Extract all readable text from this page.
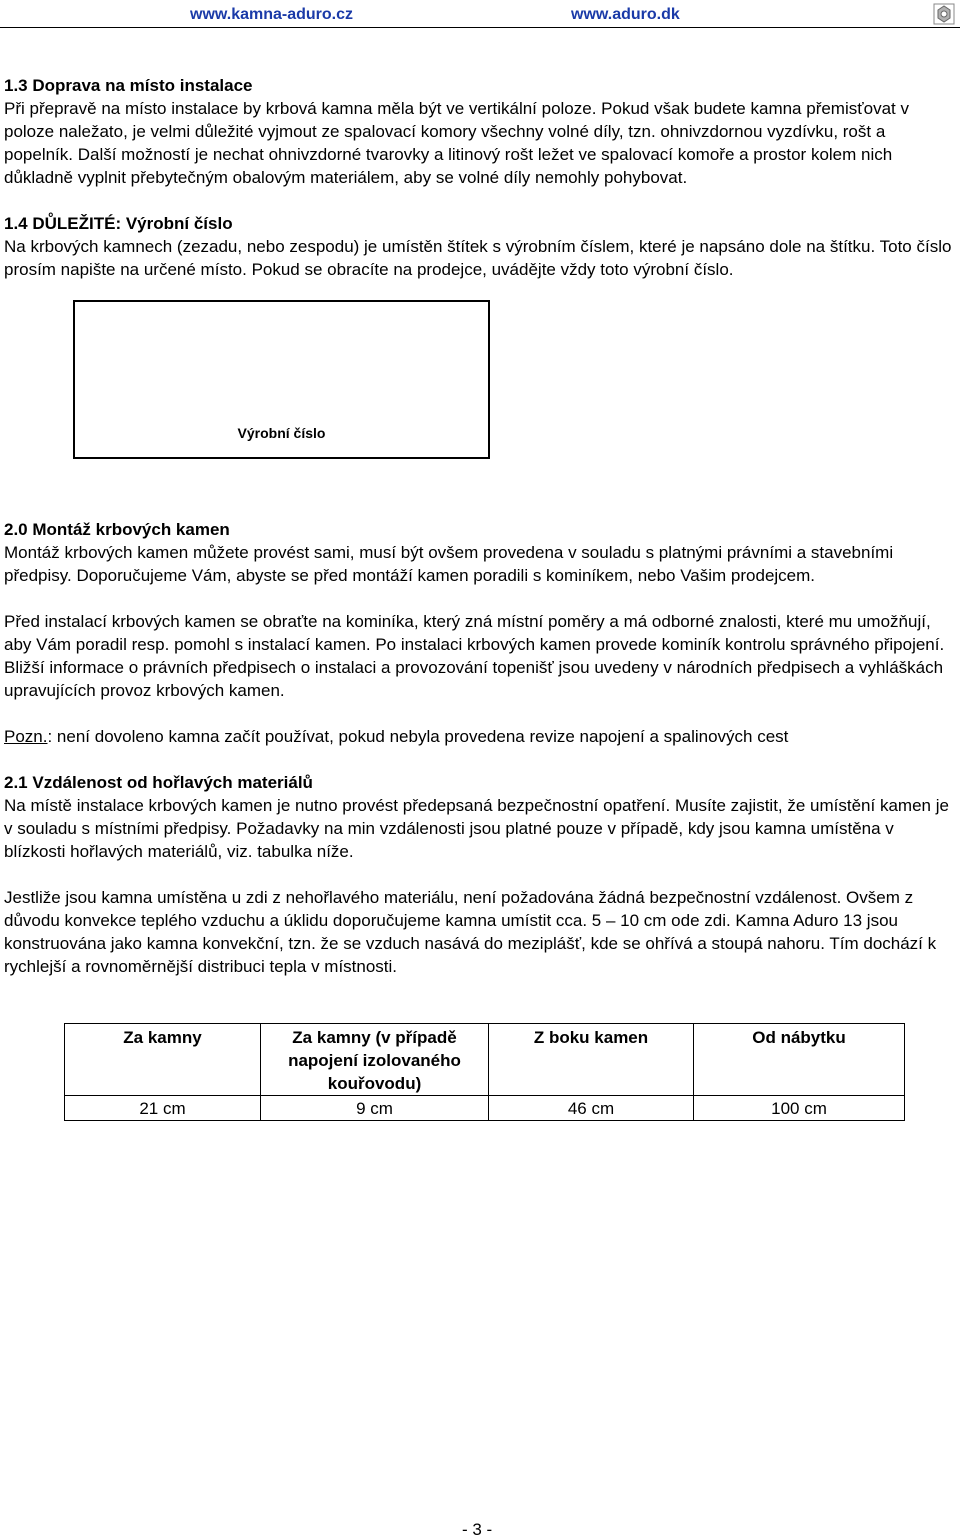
www.kamna-aduro.cz	www.aduro.dk
1.3 Doprava na místo instalace

Při přepravě na místo instalace by krbová kamna měla být ve vertikální poloze. Pokud však budete kamna přemisťovat v poloze naležato, je velmi důležité vyjmout ze spalovací komory všechny volné díly, tzn. ohnivzdornou vyzdívku, rošt a popelník. Další možností je nechat ohnivzdorné tvarovky a litinový rošt ležet ve spalovací komoře a prostor kolem nich důkladně vyplnit přebytečným obalovým materiálem, aby se volné díly nemohly pohybovat.

1.4 DŮLEŽITÉ: Výrobní číslo

Na krbových kamnech (zezadu, nebo zespodu) je umístěn štítek s výrobním číslem, které je napsáno dole na štítku. Toto číslo prosím napište na určené místo. Pokud se obracíte na prodejce, uvádějte vždy toto výrobní číslo.

Výrobní číslo
2.0 Montáž krbových kamen

Montáž krbových kamen můžete provést sami, musí být ovšem provedena v souladu s platnými právními a stavebními předpisy. Doporučujeme Vám, abyste se před montáží kamen poradili s kominíkem, nebo Vašim prodejcem.

Před instalací krbových kamen se obraťte na kominíka, který zná místní poměry a má odborné znalosti, které mu umožňují, aby Vám poradil resp. pomohl s instalací kamen. Po instalaci krbových kamen provede kominík kontrolu správného připojení. Bližší informace o právních předpisech o instalaci a provozování topenišť jsou uvedeny v národních předpisech a vyhláškách upravujících provoz krbových kamen.

Pozn.: není dovoleno kamna začít používat, pokud nebyla provedena revize napojení a spalinových cest

2.1 Vzdálenost od hořlavých materiálů

Na místě instalace krbových kamen je nutno provést předepsaná bezpečnostní opatření. Musíte zajistit, že umístění kamen je v souladu s místními předpisy. Požadavky na min vzdálenosti jsou platné pouze v případě, kdy jsou kamna umístěna v blízkosti hořlavých materiálů, viz. tabulka níže.

Jestliže jsou kamna umístěna u zdi z nehořlavého materiálu, není požadována žádná bezpečnostní vzdálenost. Ovšem z důvodu konvekce teplého vzduchu a úklidu doporučujeme kamna umístit cca. 5 – 10 cm ode zdi. Kamna Aduro 13 jsou konstruována jako kamna konvekční, tzn. že se vzduch nasává do meziplášť, kde se ohřívá a stoupá nahoru. Tím dochází k rychlejší a rovnoměrnější distribuci tepla v místnosti.

Za kamny	Za kamny (v případě napojení izolovaného kouřovodu)	Z boku kamen	Od nábytku
21 cm	9 cm	46 cm	100 cm
- 3 -
